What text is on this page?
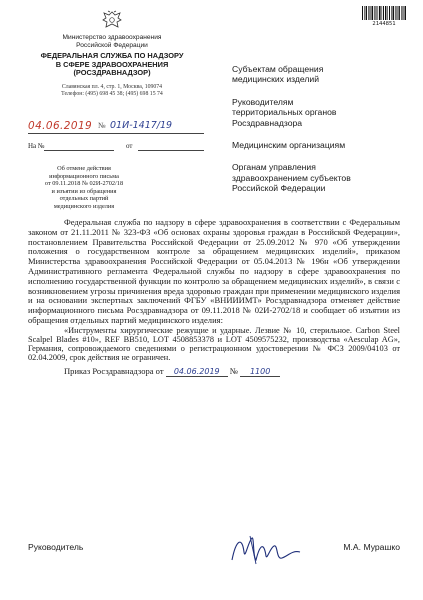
2144851
Министерство здравоохранения
Российской Федерации
ФЕДЕРАЛЬНАЯ СЛУЖБА ПО НАДЗОРУ
В СФЕРЕ ЗДРАВООХРАНЕНИЯ
(РОСЗДРАВНАДЗОР)
Славянская пл. 4, стр. 1, Москва, 109074
Телефон: (495) 698 45 38; (495) 698 15 74
04.06.2019 № 01И-1417/19
На №	от
Об отмене действия
информационного письма
от 09.11.2018 № 02И-2702/18
и изъятии из обращения
отдельных партий
медицинского изделия
Субъектам обращения
медицинских изделий
Руководителям
территориальных органов
Росздравнадзора
Медицинским организациям
Органам управления
здравоохранением субъектов
Российской Федерации

Федеральная служба по надзору в сфере здравоохранения в соответствии с Федеральным законом от 21.11.2011 № 323-ФЗ «Об основах охраны здоровья граждан в Российской Федерации», постановлением Правительства Российской Федерации от 25.09.2012 № 970 «Об утверждении положения о государственном контроле за обращением медицинских изделий», приказом Министерства здравоохранения Российской Федерации от 05.04.2013 № 196н «Об утверждении Административного регламента Федеральной службы по надзору в сфере здравоохранения по исполнению государственной функции по контролю за обращением медицинских изделий», в связи с возникновением угрозы причинения вреда здоровью граждан при применении медицинского изделия и на основании экспертных заключений ФГБУ «ВНИИИМТ» Росздравнадзора отменяет действие информационного письма Росздравнадзора от 09.11.2018 № 02И-2702/18 и сообщает об изъятии из обращения отдельных партий медицинского изделия:

«Инструменты хирургические режущие и ударные. Лезвие № 10, стерильное. Carbon Steel Scalpel Blades #10», REF BB510, LOT 4508853378 и LOT 4509575232, производства «Aesculap AG», Германия, сопровождаемого сведениями о регистрационном удостоверении № ФСЗ 2009/04103 от 02.04.2009, срок действия не ограничен.

Приказ Росздравнадзора от 04.06.2019 № 1100

Руководитель	М.А. Мурашко
